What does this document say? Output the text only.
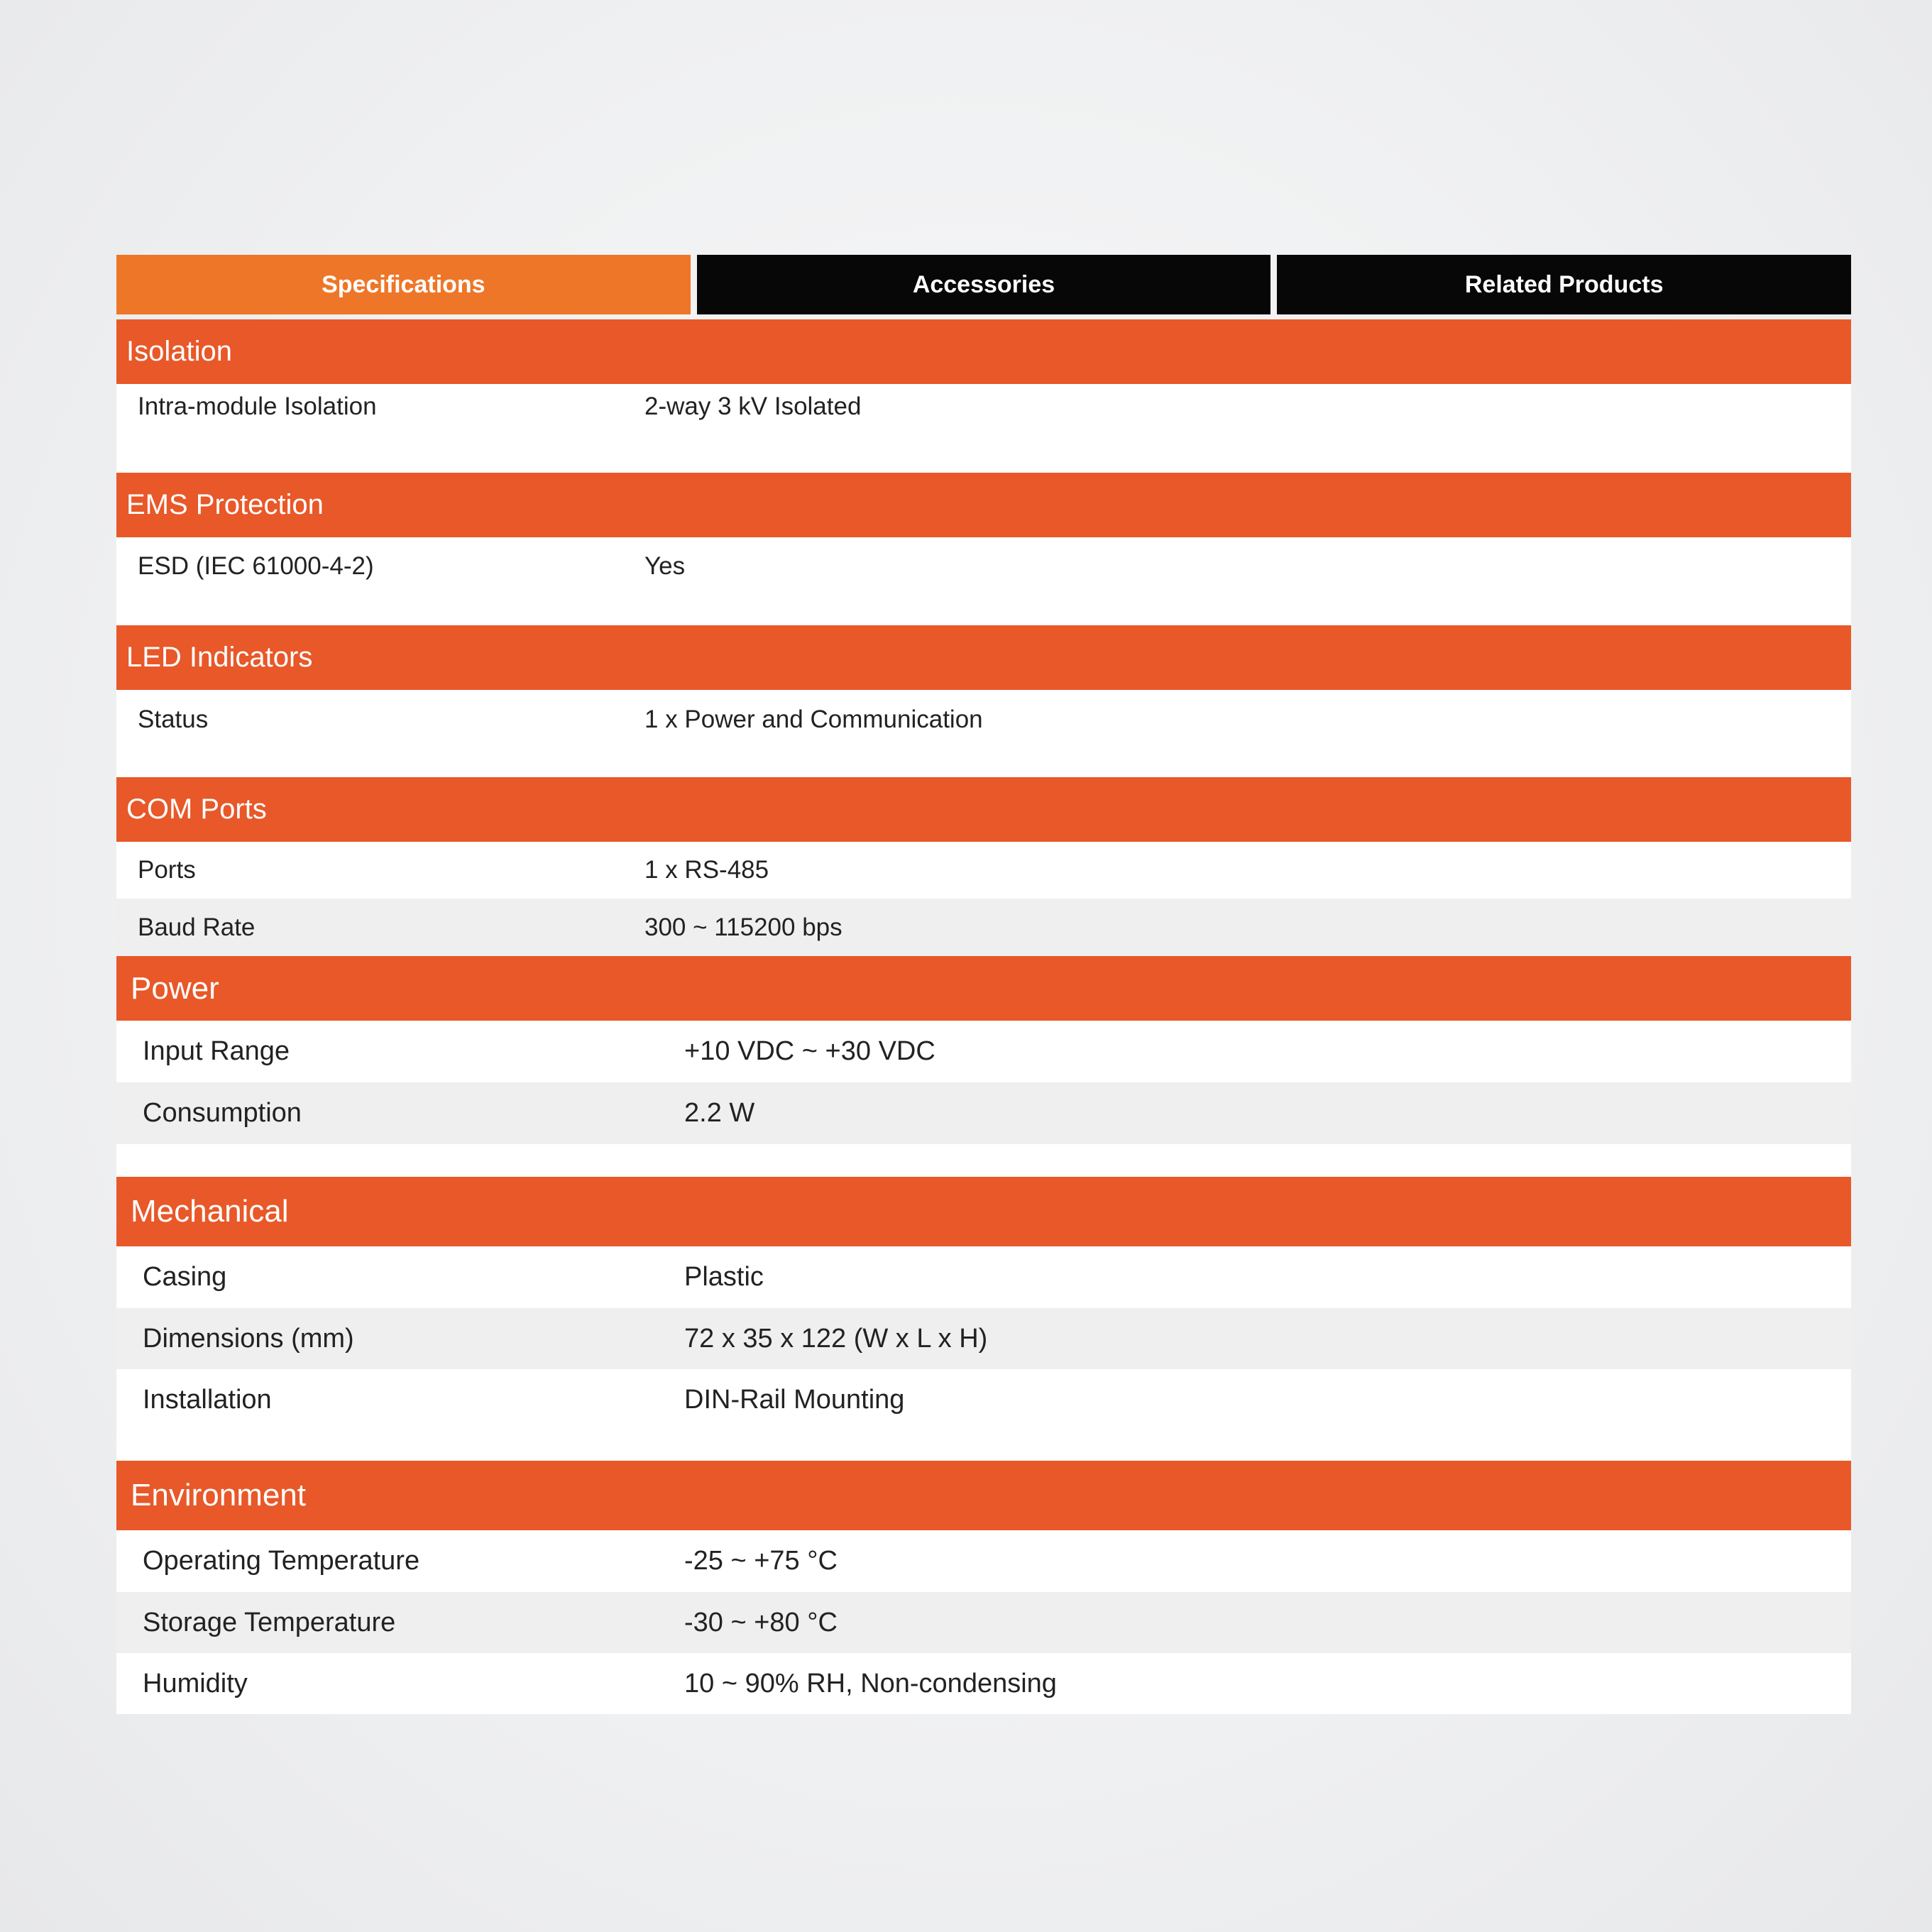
Specifications	Accessories	Related Products
Isolation
Intra-module Isolation	2-way 3 kV Isolated
EMS Protection
ESD (IEC 61000-4-2)	Yes
LED Indicators
Status	1 x Power and Communication
COM Ports
Ports	1 x RS-485
Baud Rate	300 ~ 115200 bps
Power
Input Range	+10 VDC ~ +30 VDC
Consumption	2.2 W
Mechanical
Casing	Plastic
Dimensions (mm)	72 x 35 x 122 (W x L x H)
Installation	DIN-Rail Mounting
Environment
Operating Temperature	-25 ~ +75 °C
Storage Temperature	-30 ~ +80 °C
Humidity	10 ~ 90% RH, Non-condensing
